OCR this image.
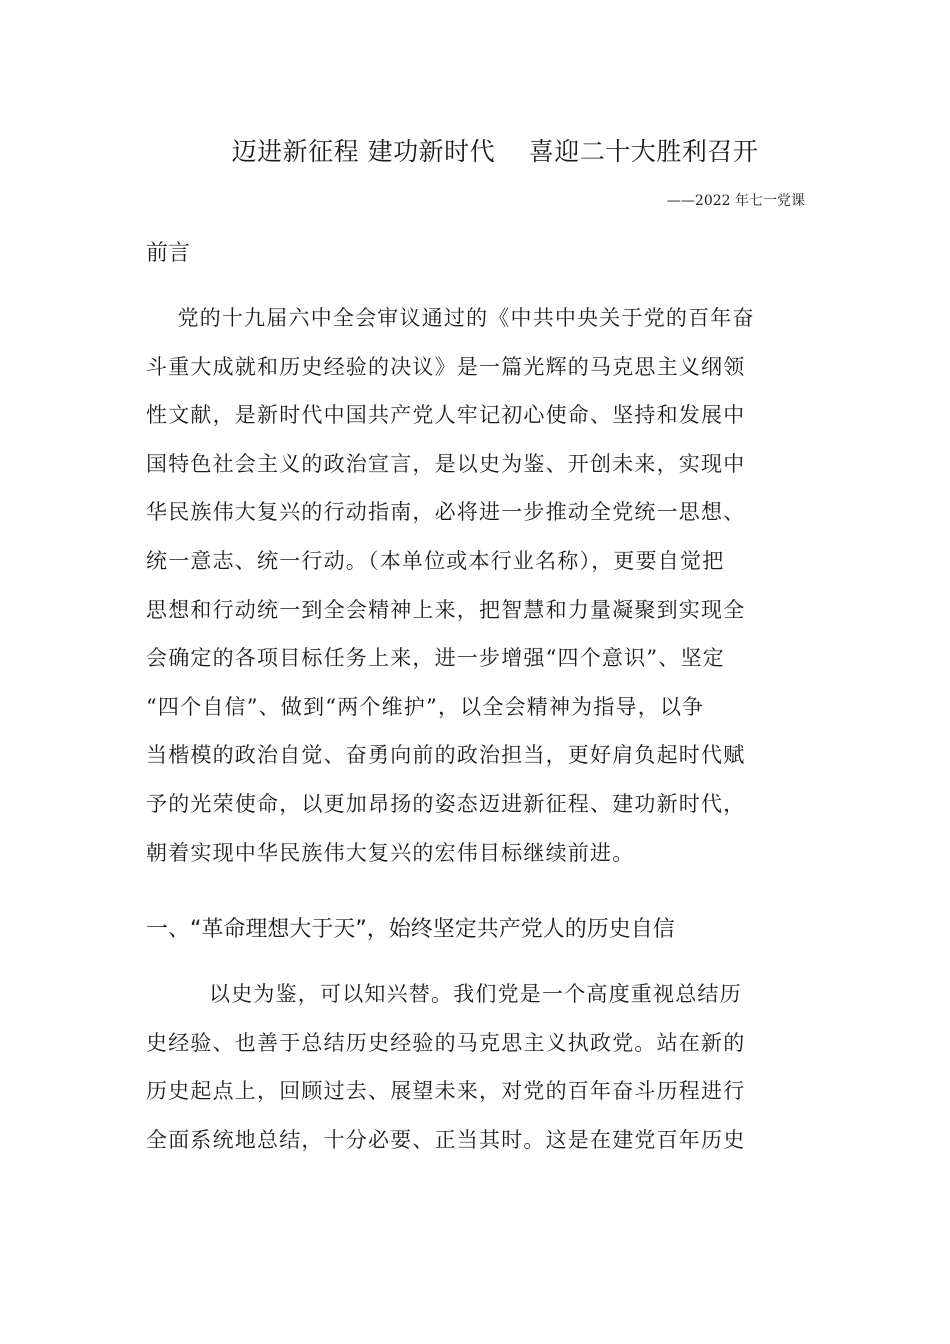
迈进新征程 建功新时代    喜迎二十大胜利召开
——2022 年七一党课
前言
党的十九届六中全会审议通过的《中共中央关于党的百年奋
斗重大成就和历史经验的决议》是一篇光辉的马克思主义纲领
性文献，是新时代中国共产党人牢记初心使命、坚持和发展中
国特色社会主义的政治宣言，是以史为鉴、开创未来，实现中
华民族伟大复兴的行动指南，必将进一步推动全党统一思想、
统一意志、统一行动。（本单位或本行业名称），更要自觉把
思想和行动统一到全会精神上来，把智慧和力量凝聚到实现全
会确定的各项目标任务上来，进一步增强“四个意识”、坚定
“四个自信”、做到“两个维护”，以全会精神为指导，以争
当楷模的政治自觉、奋勇向前的政治担当，更好肩负起时代赋
予的光荣使命，以更加昂扬的姿态迈进新征程、建功新时代，
朝着实现中华民族伟大复兴的宏伟目标继续前进。
一、“革命理想大于天”，始终坚定共产党人的历史自信
以史为鉴，可以知兴替。我们党是一个高度重视总结历
史经验、也善于总结历史经验的马克思主义执政党。站在新的
历史起点上，回顾过去、展望未来，对党的百年奋斗历程进行
全面系统地总结，十分必要、正当其时。这是在建党百年历史
